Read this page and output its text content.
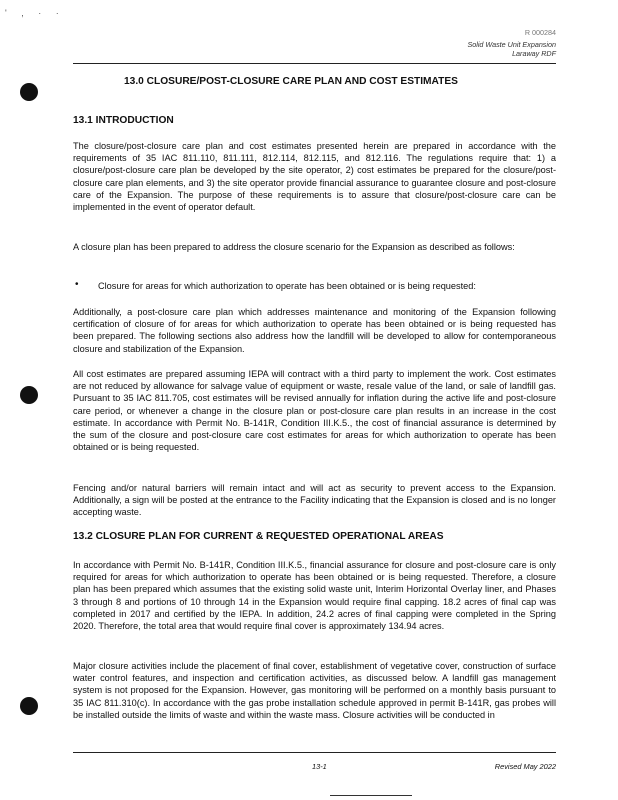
' , · ·
R 000284
Solid Waste Unit Expansion
Laraway RDF
13.0 CLOSURE/POST-CLOSURE CARE PLAN AND COST ESTIMATES
13.1 INTRODUCTION
The closure/post-closure care plan and cost estimates presented herein are prepared in accordance with the requirements of 35 IAC 811.110, 811.111, 812.114, 812.115, and 812.116. The regulations require that: 1) a closure/post-closure care plan be developed by the site operator, 2) cost estimates be prepared for the closure/post-closure care plan elements, and 3) the site operator provide financial assurance to guarantee closure and post-closure care of the Expansion. The purpose of these requirements is to assure that closure/post-closure care can be implemented in the event of operator default.
A closure plan has been prepared to address the closure scenario for the Expansion as described as follows:
• Closure for areas for which authorization to operate has been obtained or is being requested:
Additionally, a post-closure care plan which addresses maintenance and monitoring of the Expansion following certification of closure of for areas for which authorization to operate has been obtained or is being requested has been prepared. The following sections also address how the landfill will be developed to allow for contemporaneous closure and stabilization of the Expansion.
All cost estimates are prepared assuming IEPA will contract with a third party to implement the work. Cost estimates are not reduced by allowance for salvage value of equipment or waste, resale value of the land, or sale of landfill gas. Pursuant to 35 IAC 811.705, cost estimates will be revised annually for inflation during the active life and post-closure care period, or whenever a change in the closure plan or post-closure care plan results in an increase in the cost estimate. In accordance with Permit No. B-141R, Condition III.K.5., the cost of financial assurance is determined by the sum of the closure and post-closure care cost estimates for areas for which authorization to operate has been obtained or is being requested.
Fencing and/or natural barriers will remain intact and will act as security to prevent access to the Expansion. Additionally, a sign will be posted at the entrance to the Facility indicating that the Expansion is closed and is no longer accepting waste.
13.2 CLOSURE PLAN FOR CURRENT & REQUESTED OPERATIONAL AREAS
In accordance with Permit No. B-141R, Condition III.K.5., financial assurance for closure and post-closure care is only required for areas for which authorization to operate has been obtained or is being requested. Therefore, a closure plan has been prepared which assumes that the existing solid waste unit, Interim Horizontal Overlay liner, and Phases 3 through 8 and portions of 10 through 14 in the Expansion would require final capping. 18.2 acres of final cap was completed in 2017 and certified by the IEPA. In addition, 24.2 acres of final capping were completed in the Spring 2020. Therefore, the total area that would require final cover is approximately 134.94 acres.
Major closure activities include the placement of final cover, establishment of vegetative cover, construction of surface water control features, and inspection and certification activities, as discussed below. A landfill gas management system is not proposed for the Expansion. However, gas monitoring will be performed on a monthly basis pursuant to 35 IAC 811.310(c). In accordance with the gas probe installation schedule approved in permit B-141R, gas probes will be installed outside the limits of waste and within the waste mass. Closure activities will be conducted in
13-1	Revised May 2022
